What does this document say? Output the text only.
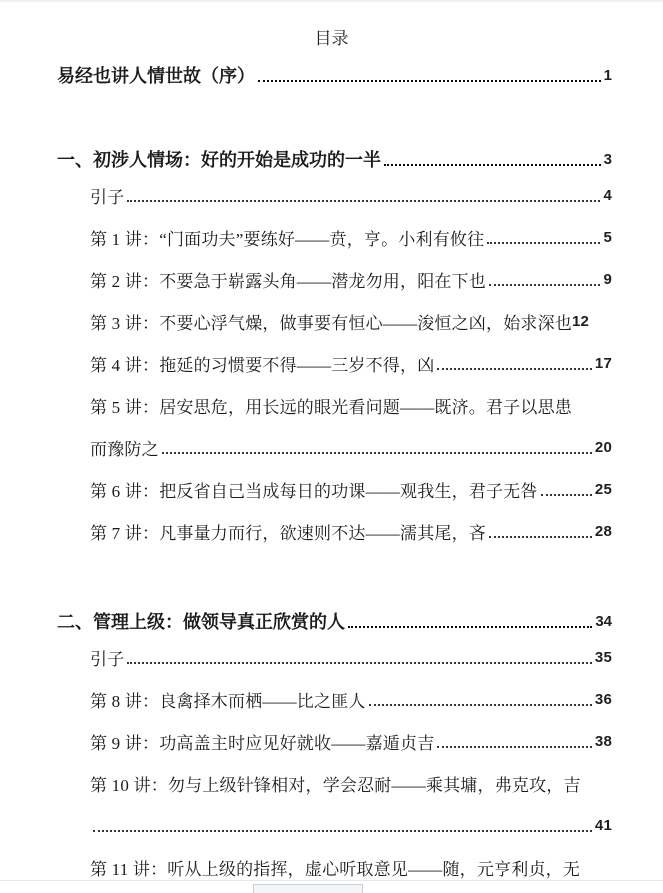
目录
易经也讲人情世故（序）	1
一、初涉人情场：好的开始是成功的一半	3
引子	4
第 1 讲：“门面功夫”要练好——贲，亨。小利有攸往	5
第 2 讲：不要急于崭露头角——潜龙勿用，阳在下也	9
第 3 讲：不要心浮气燥，做事要有恒心——浚恒之凶，始求深也 12
第 4 讲：拖延的习惯要不得——三岁不得，凶	17
第 5 讲：居安思危，用长远的眼光看问题——既济。君子以思患
而豫防之	20
第 6 讲：把反省自己当成每日的功课——观我生，君子无咎	25
第 7 讲：凡事量力而行，欲速则不达——濡其尾，吝	28
二、管理上级：做领导真正欣赏的人	34
引子	35
第 8 讲：良禽择木而栖——比之匪人	36
第 9 讲：功高盖主时应见好就收——嘉遁贞吉	38
第 10 讲：勿与上级针锋相对，学会忍耐——乘其墉，弗克攻，吉
41
第 11 讲：听从上级的指挥，虚心听取意见——随，元亨利贞，无
